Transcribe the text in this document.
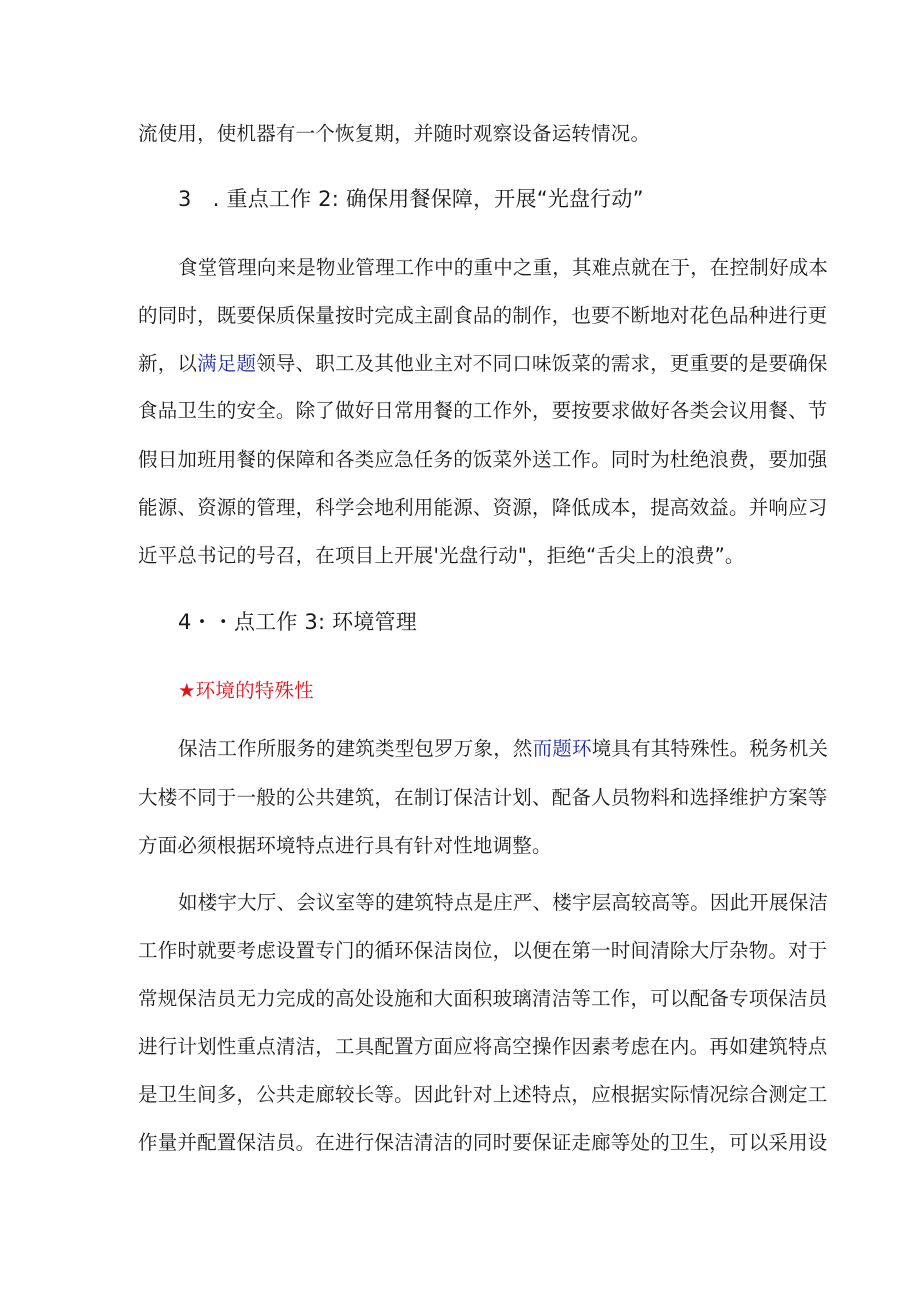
流使用，使机器有一个恢复期，并随时观察设备运转情况。
3　. 重点工作 2: 确保用餐保障，开展“光盘行动”
食堂管理向来是物业管理工作中的重中之重，其难点就在于，在控制好成本
的同时，既要保质保量按时完成主副食品的制作，也要不断地对花色品种进行更
新，以满足题领导、职工及其他业主对不同口味饭菜的需求，更重要的是要确保
食品卫生的安全。除了做好日常用餐的工作外，要按要求做好各类会议用餐、节
假日加班用餐的保障和各类应急任务的饭菜外送工作。同时为杜绝浪费，要加强
能源、资源的管理，科学会地利用能源、资源，降低成本，提高效益。并响应习
近平总书记的号召，在项目上开展'光盘行动"，拒绝“舌尖上的浪费”。
4・・点工作 3: 环境管理
★环境的特殊性
保洁工作所服务的建筑类型包罗万象，然而题环境具有其特殊性。税务机关
大楼不同于一般的公共建筑，在制订保洁计划、配备人员物料和选择维护方案等
方面必须根据环境特点进行具有针对性地调整。
如楼宇大厅、会议室等的建筑特点是庄严、楼宇层高较高等。因此开展保洁
工作时就要考虑设置专门的循环保洁岗位，以便在第一时间清除大厅杂物。对于
常规保洁员无力完成的高处设施和大面积玻璃清洁等工作，可以配备专项保洁员
进行计划性重点清洁，工具配置方面应将高空操作因素考虑在内。再如建筑特点
是卫生间多，公共走廊较长等。因此针对上述特点，应根据实际情况综合测定工
作量并配置保洁员。在进行保洁清洁的同时要保证走廊等处的卫生，可以采用设
